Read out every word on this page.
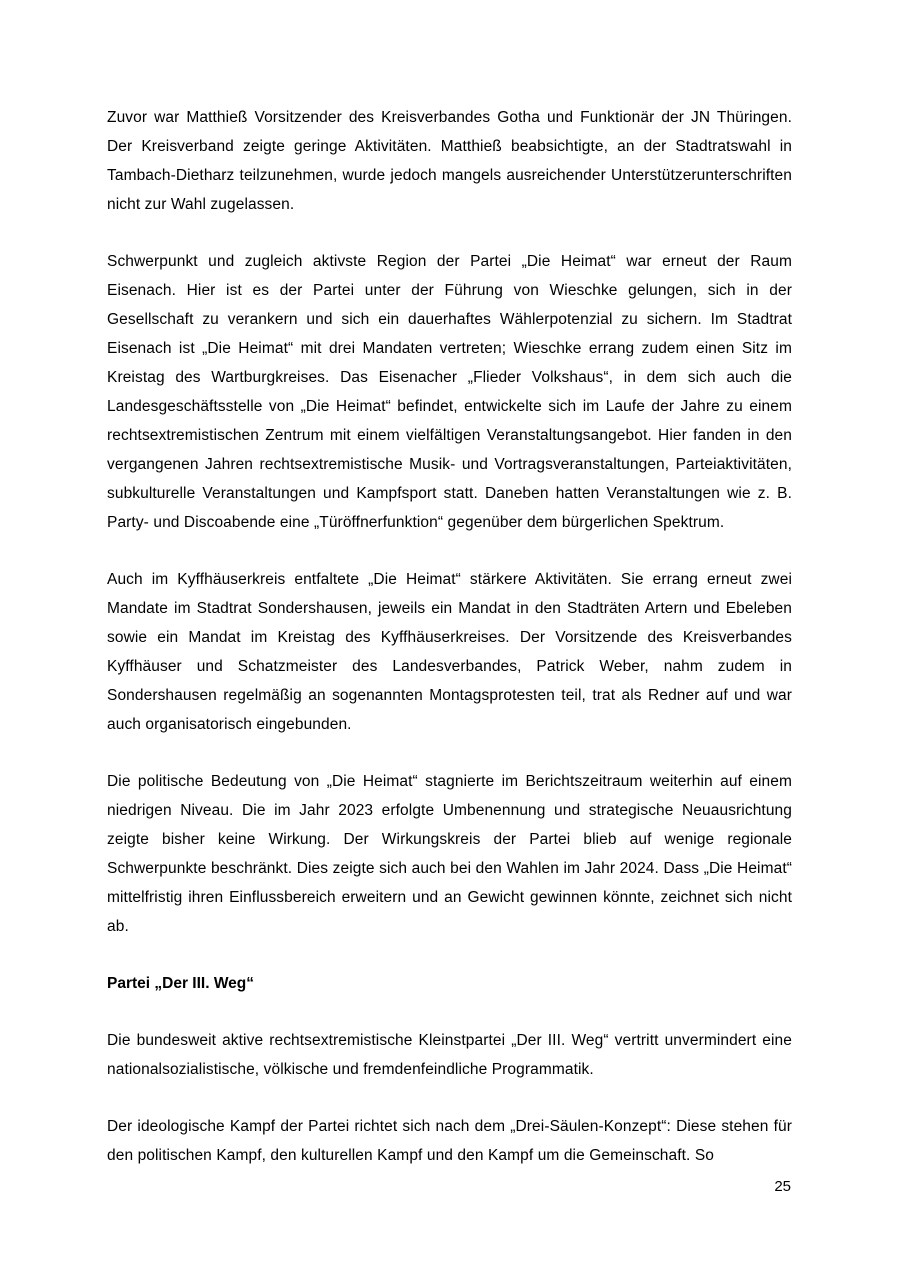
Zuvor war Matthieß Vorsitzender des Kreisverbandes Gotha und Funktionär der JN Thüringen. Der Kreisverband zeigte geringe Aktivitäten. Matthieß beabsichtigte, an der Stadtratswahl in Tambach-Dietharz teilzunehmen, wurde jedoch mangels ausreichender Unterstützerunterschriften nicht zur Wahl zugelassen.

Schwerpunkt und zugleich aktivste Region der Partei „Die Heimat“ war erneut der Raum Eisenach. Hier ist es der Partei unter der Führung von Wieschke gelungen, sich in der Gesellschaft zu verankern und sich ein dauerhaftes Wählerpotenzial zu sichern. Im Stadtrat Eisenach ist „Die Heimat“ mit drei Mandaten vertreten; Wieschke errang zudem einen Sitz im Kreistag des Wartburgkreises. Das Eisenacher „Flieder Volkshaus“, in dem sich auch die Landesgeschäftsstelle von „Die Heimat“ befindet, entwickelte sich im Laufe der Jahre zu einem rechtsextremistischen Zentrum mit einem vielfältigen Veranstaltungsangebot. Hier fanden in den vergangenen Jahren rechtsextremistische Musik- und Vortragsveranstaltungen, Parteiaktivitäten, subkulturelle Veranstaltungen und Kampfsport statt. Daneben hatten Veranstaltungen wie z. B. Party- und Discoabende eine „Türöffnerfunktion“ gegenüber dem bürgerlichen Spektrum.

Auch im Kyffhäuserkreis entfaltete „Die Heimat“ stärkere Aktivitäten. Sie errang erneut zwei Mandate im Stadtrat Sondershausen, jeweils ein Mandat in den Stadträten Artern und Ebeleben sowie ein Mandat im Kreistag des Kyffhäuserkreises. Der Vorsitzende des Kreisverbandes Kyffhäuser und Schatzmeister des Landesverbandes, Patrick Weber, nahm zudem in Sondershausen regelmäßig an sogenannten Montagsprotesten teil, trat als Redner auf und war auch organisatorisch eingebunden.

Die politische Bedeutung von „Die Heimat“ stagnierte im Berichtszeitraum weiterhin auf einem niedrigen Niveau. Die im Jahr 2023 erfolgte Umbenennung und strategische Neuausrichtung zeigte bisher keine Wirkung. Der Wirkungskreis der Partei blieb auf wenige regionale Schwerpunkte beschränkt. Dies zeigte sich auch bei den Wahlen im Jahr 2024. Dass „Die Heimat“ mittelfristig ihren Einflussbereich erweitern und an Gewicht gewinnen könnte, zeichnet sich nicht ab.

Partei „Der III. Weg“

Die bundesweit aktive rechtsextremistische Kleinstpartei „Der III. Weg“ vertritt unvermindert eine nationalsozialistische, völkische und fremdenfeindliche Programmatik.

Der ideologische Kampf der Partei richtet sich nach dem „Drei-Säulen-Konzept“: Diese stehen für den politischen Kampf, den kulturellen Kampf und den Kampf um die Gemeinschaft. So

25
